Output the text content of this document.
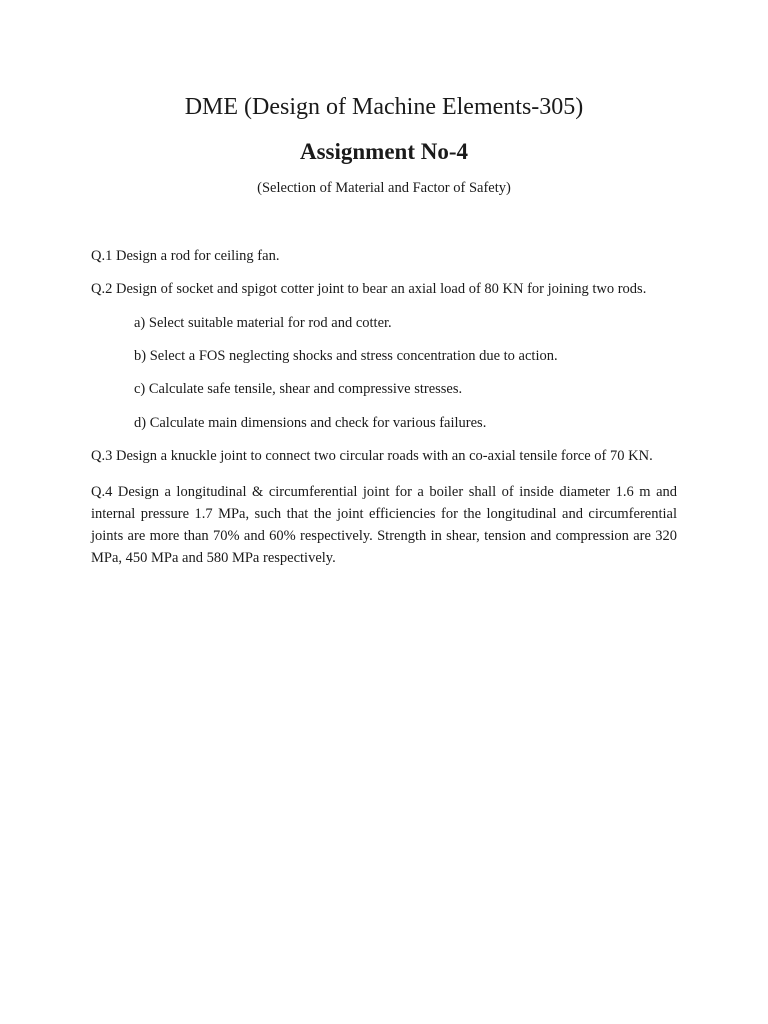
DME (Design of Machine Elements-305)
Assignment No-4

(Selection of Material and Factor of Safety)

Q.1 Design a rod for ceiling fan.

Q.2 Design of socket and spigot cotter joint to bear an axial load of 80 KN for joining two rods.

a) Select suitable material for rod and cotter.

b) Select a FOS neglecting shocks and stress concentration due to action.

c) Calculate safe tensile, shear and compressive stresses.

d) Calculate main dimensions and check for various failures.

Q.3 Design a knuckle joint to connect two circular roads with an co-axial tensile force of 70 KN.

Q.4 Design a longitudinal & circumferential joint for a boiler shall of inside diameter 1.6 m and internal pressure 1.7 MPa, such that the joint efficiencies for the longitudinal and circumferential joints are more than 70% and 60% respectively. Strength in shear, tension and compression are 320 MPa, 450 MPa and 580 MPa respectively.
